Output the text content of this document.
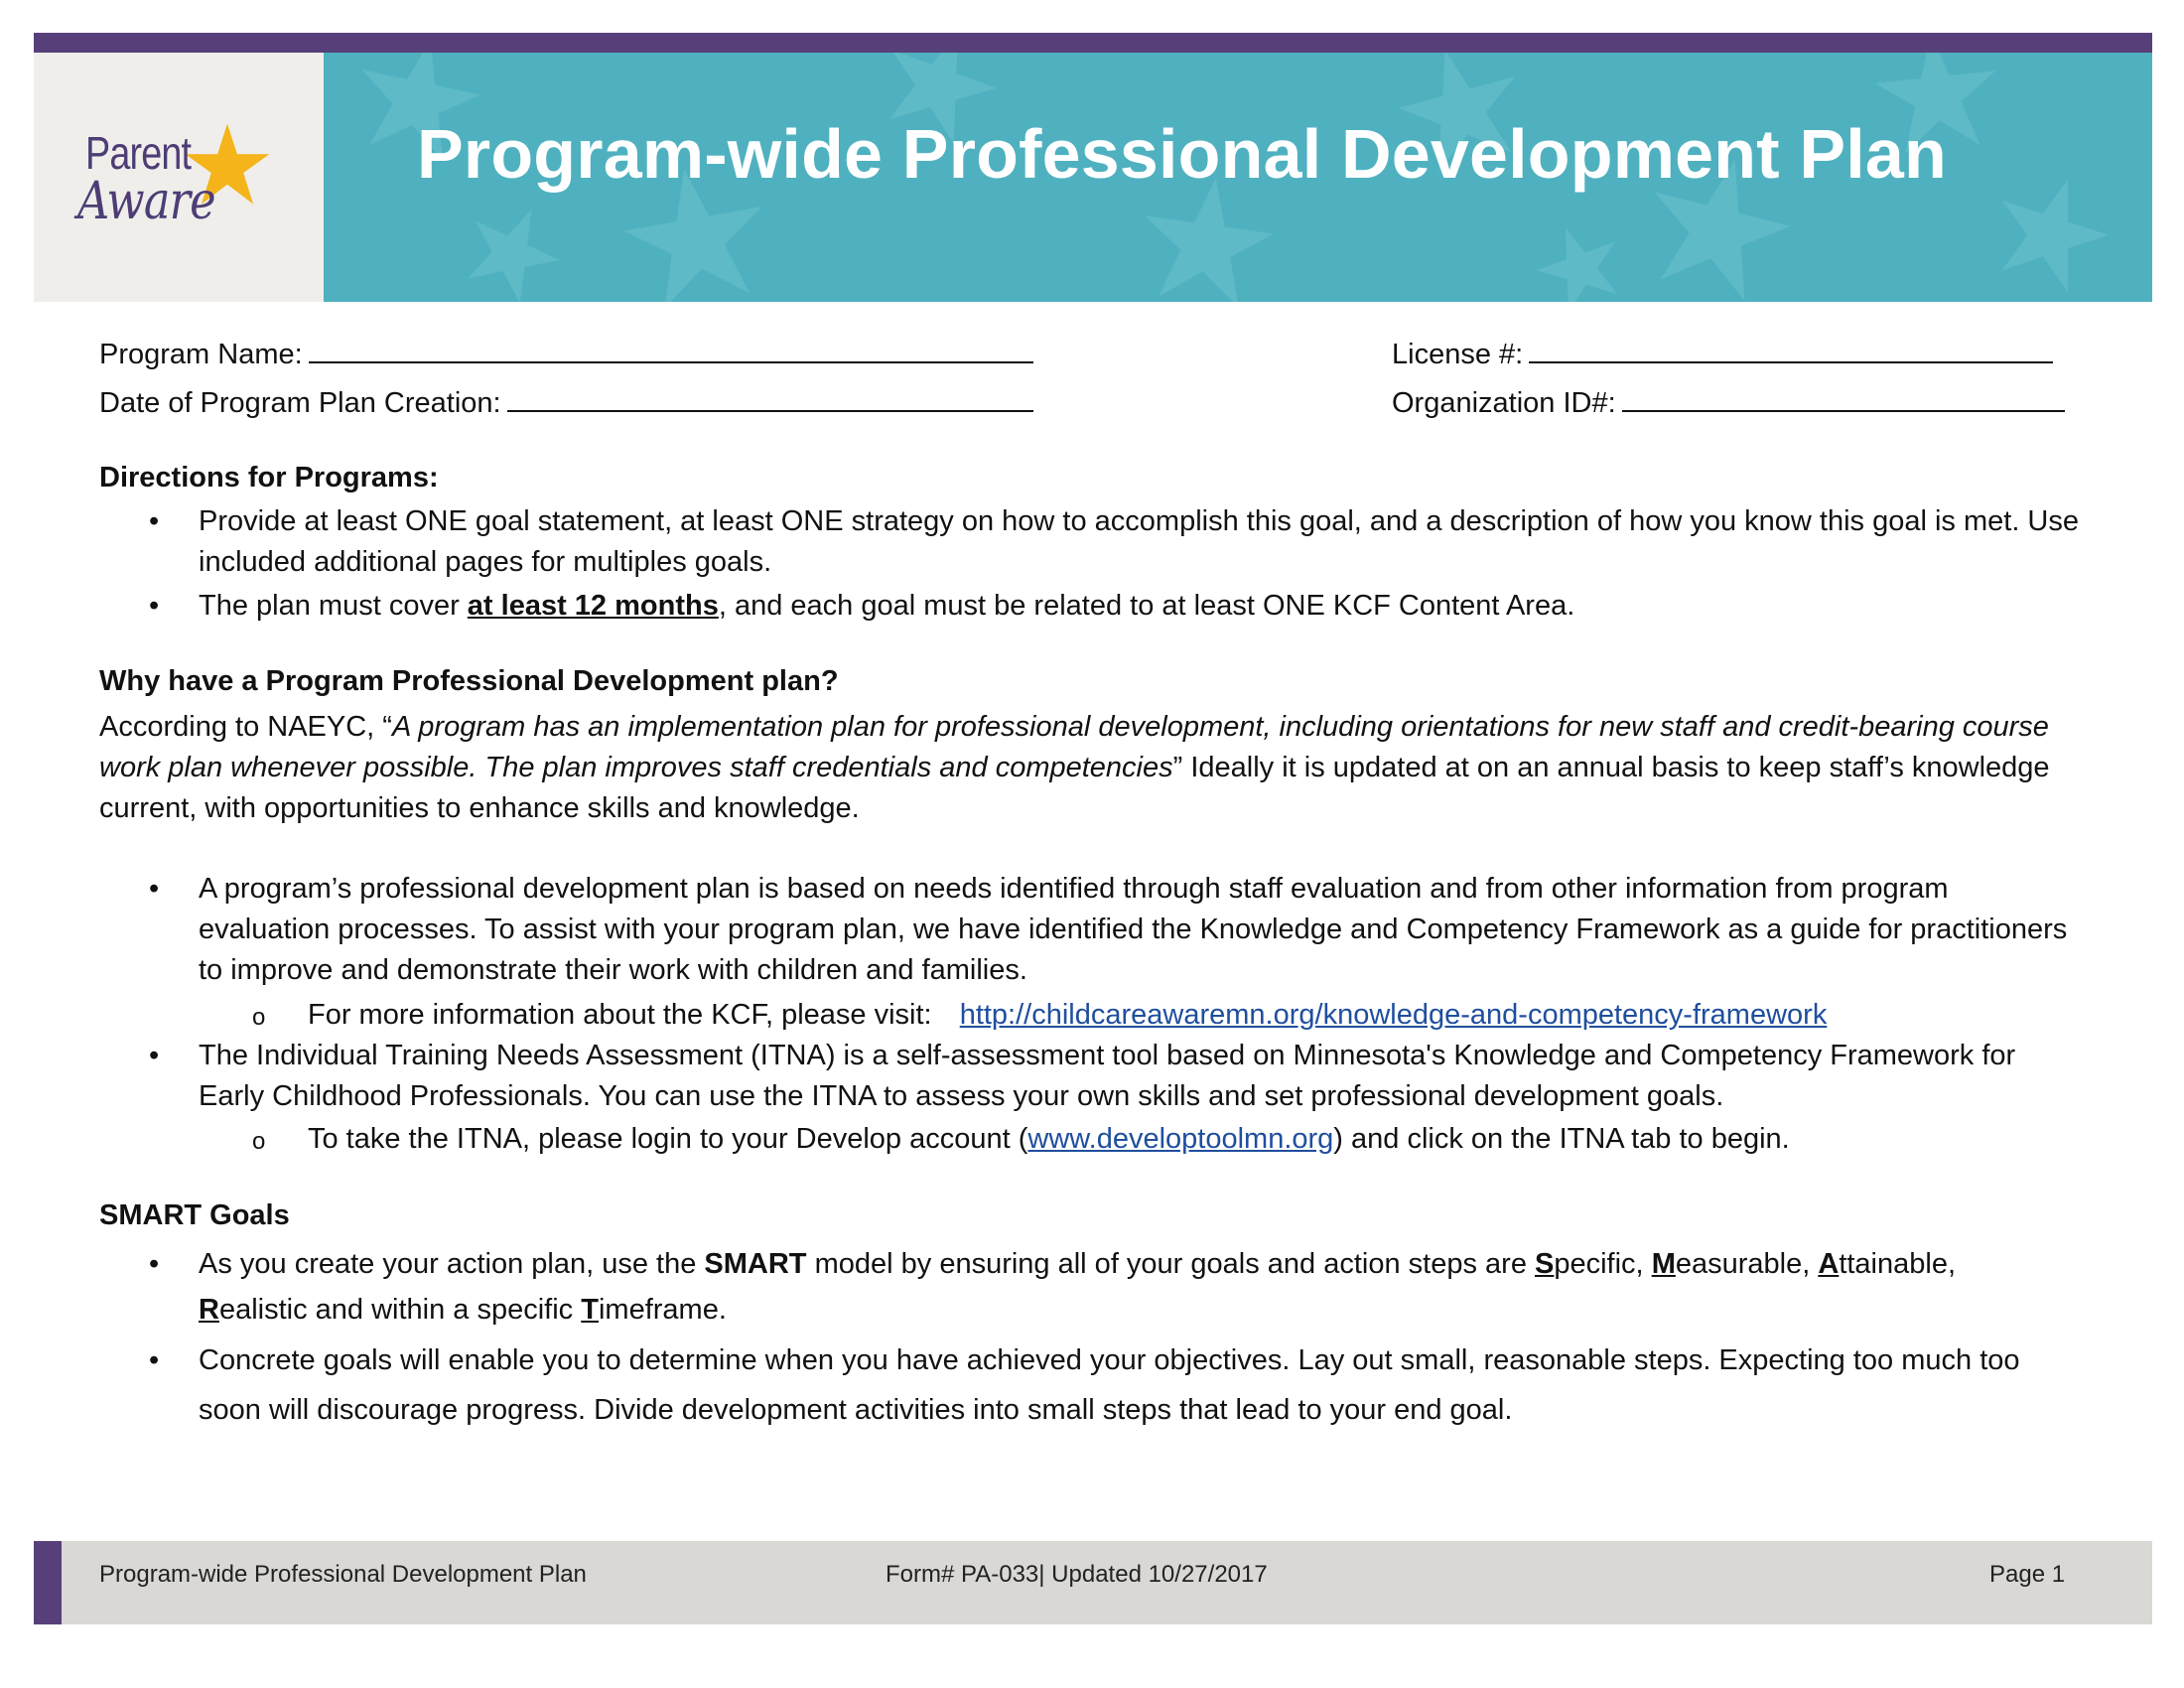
Parent
Aware
Program-wide Professional Development Plan
Program Name:
Date of Program Plan Creation:
License #:
Organization ID#:
Directions for Programs:
• Provide at least ONE goal statement, at least ONE strategy on how to accomplish this goal, and a description of how you know this goal is met. Use included additional pages for multiples goals.
• The plan must cover at least 12 months, and each goal must be related to at least ONE KCF Content Area.
Why have a Program Professional Development plan?
According to NAEYC, “A program has an implementation plan for professional development, including orientations for new staff and credit-bearing course work plan whenever possible. The plan improves staff credentials and competencies” Ideally it is updated at on an annual basis to keep staff’s knowledge current, with opportunities to enhance skills and knowledge.
• A program’s professional development plan is based on needs identified through staff evaluation and from other information from program evaluation processes. To assist with your program plan, we have identified the Knowledge and Competency Framework as a guide for practitioners to improve and demonstrate their work with children and families.
o For more information about the KCF, please visit: http://childcareawaremn.org/knowledge-and-competency-framework
• The Individual Training Needs Assessment (ITNA) is a self-assessment tool based on Minnesota's Knowledge and Competency Framework for Early Childhood Professionals. You can use the ITNA to assess your own skills and set professional development goals.
o To take the ITNA, please login to your Develop account (www.developtoolmn.org) and click on the ITNA tab to begin.
SMART Goals
• As you create your action plan, use the SMART model by ensuring all of your goals and action steps are Specific, Measurable, Attainable,
Realistic and within a specific Timeframe.
• Concrete goals will enable you to determine when you have achieved your objectives. Lay out small, reasonable steps. Expecting too much too soon will discourage progress. Divide development activities into small steps that lead to your end goal.
Program-wide Professional Development Plan	Form# PA-033| Updated 10/27/2017	Page 1
